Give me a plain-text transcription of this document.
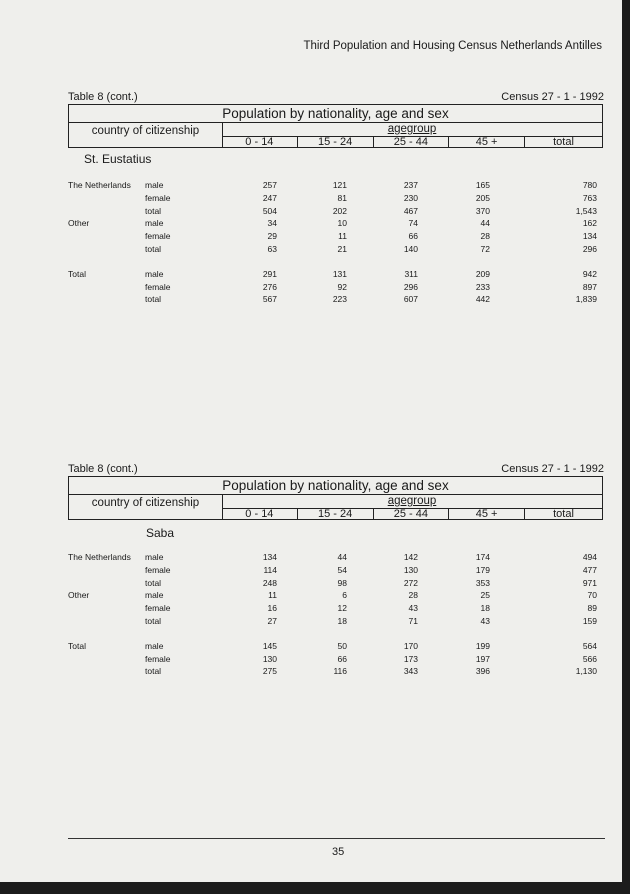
Third Population and Housing Census Netherlands Antilles
Table 8 (cont.)	Census 27 - 1 - 1992
Population by nationality, age and sex
country of citizenship	agegroup
0 - 14	15 - 24	25 - 44	45 +	total
St. Eustatius
The Netherlands male	257	121	237	165	780
female	247	81	230	205	763
total	504	202	467	370	1,543
Other	male	34	10	74	44	162
female	29	11	66	28	134
total	63	21	140	72	296
Total	male	291	131	311	209	942
female	276	92	296	233	897
total	567	223	607	442	1,839
Table 8 (cont.)	Census 27 - 1 - 1992
Population by nationality, age and sex
country of citizenship	agegroup
0 - 14	15 - 24	25 - 44	45 +	total
Saba
The Netherlands male	134	44	142	174	494
female	114	54	130	179	477
total	248	98	272	353	971
Other	male	11	6	28	25	70
female	16	12	43	18	89
total	27	18	71	43	159
Total	male	145	50	170	199	564
female	130	66	173	197	566
total	275	116	343	396	1,130
35
